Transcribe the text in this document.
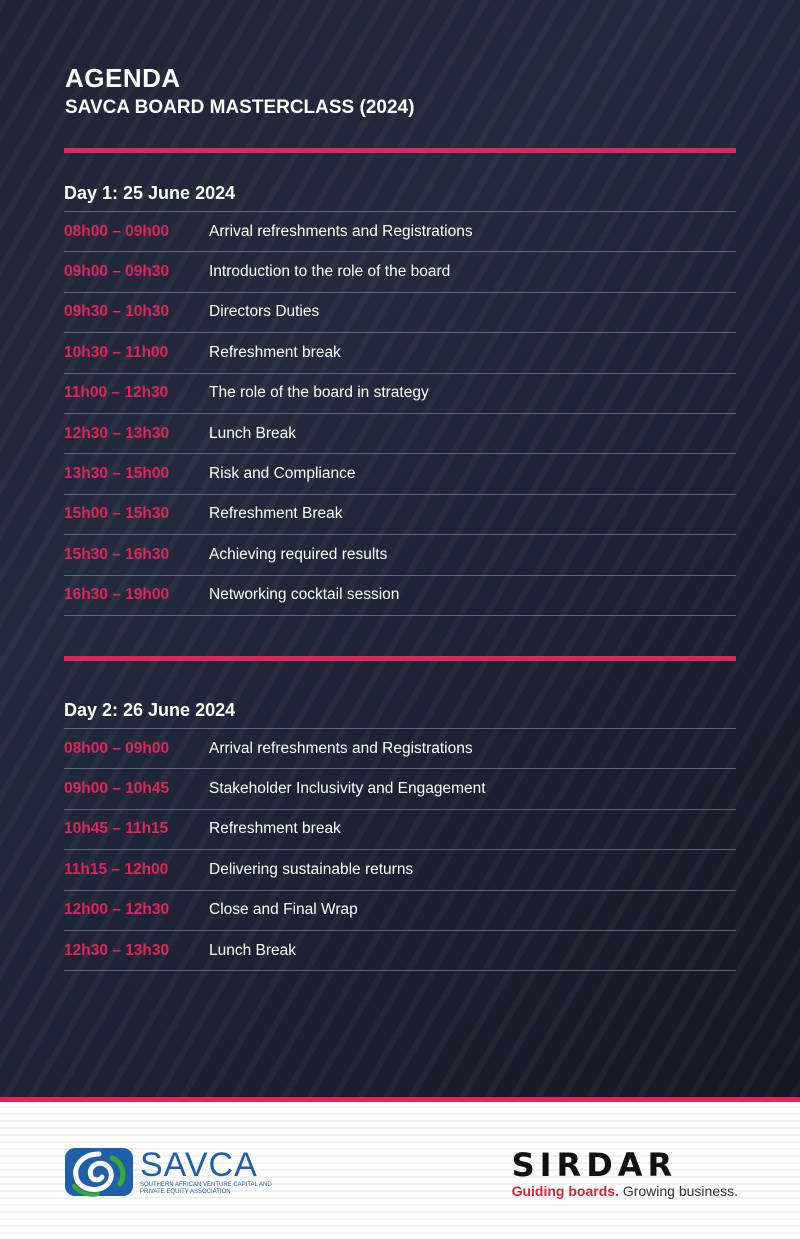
AGENDA
SAVCA BOARD MASTERCLASS (2024)
Day 1: 25 June 2024
08h00 – 09h00	Arrival refreshments and Registrations
09h00 – 09h30	Introduction to the role of the board
09h30 – 10h30	Directors Duties
10h30 – 11h00	Refreshment break
11h00 – 12h30	The role of the board in strategy
12h30 – 13h30	Lunch Break
13h30 – 15h00	Risk and Compliance
15h00 – 15h30	Refreshment Break
15h30 – 16h30	Achieving required results
16h30 – 19h00	Networking cocktail session
Day 2: 26 June 2024
08h00 – 09h00	Arrival refreshments and Registrations
09h00 – 10h45	Stakeholder Inclusivity and Engagement
10h45 – 11h15	Refreshment break
11h15 – 12h00	Delivering sustainable returns
12h00 – 12h30	Close and Final Wrap
12h30 – 13h30	Lunch Break
SAVCA
SOUTHERN AFRICAN VENTURE CAPITAL AND PRIVATE EQUITY ASSOCIATION
SIRDAR
Guiding boards. Growing business.
